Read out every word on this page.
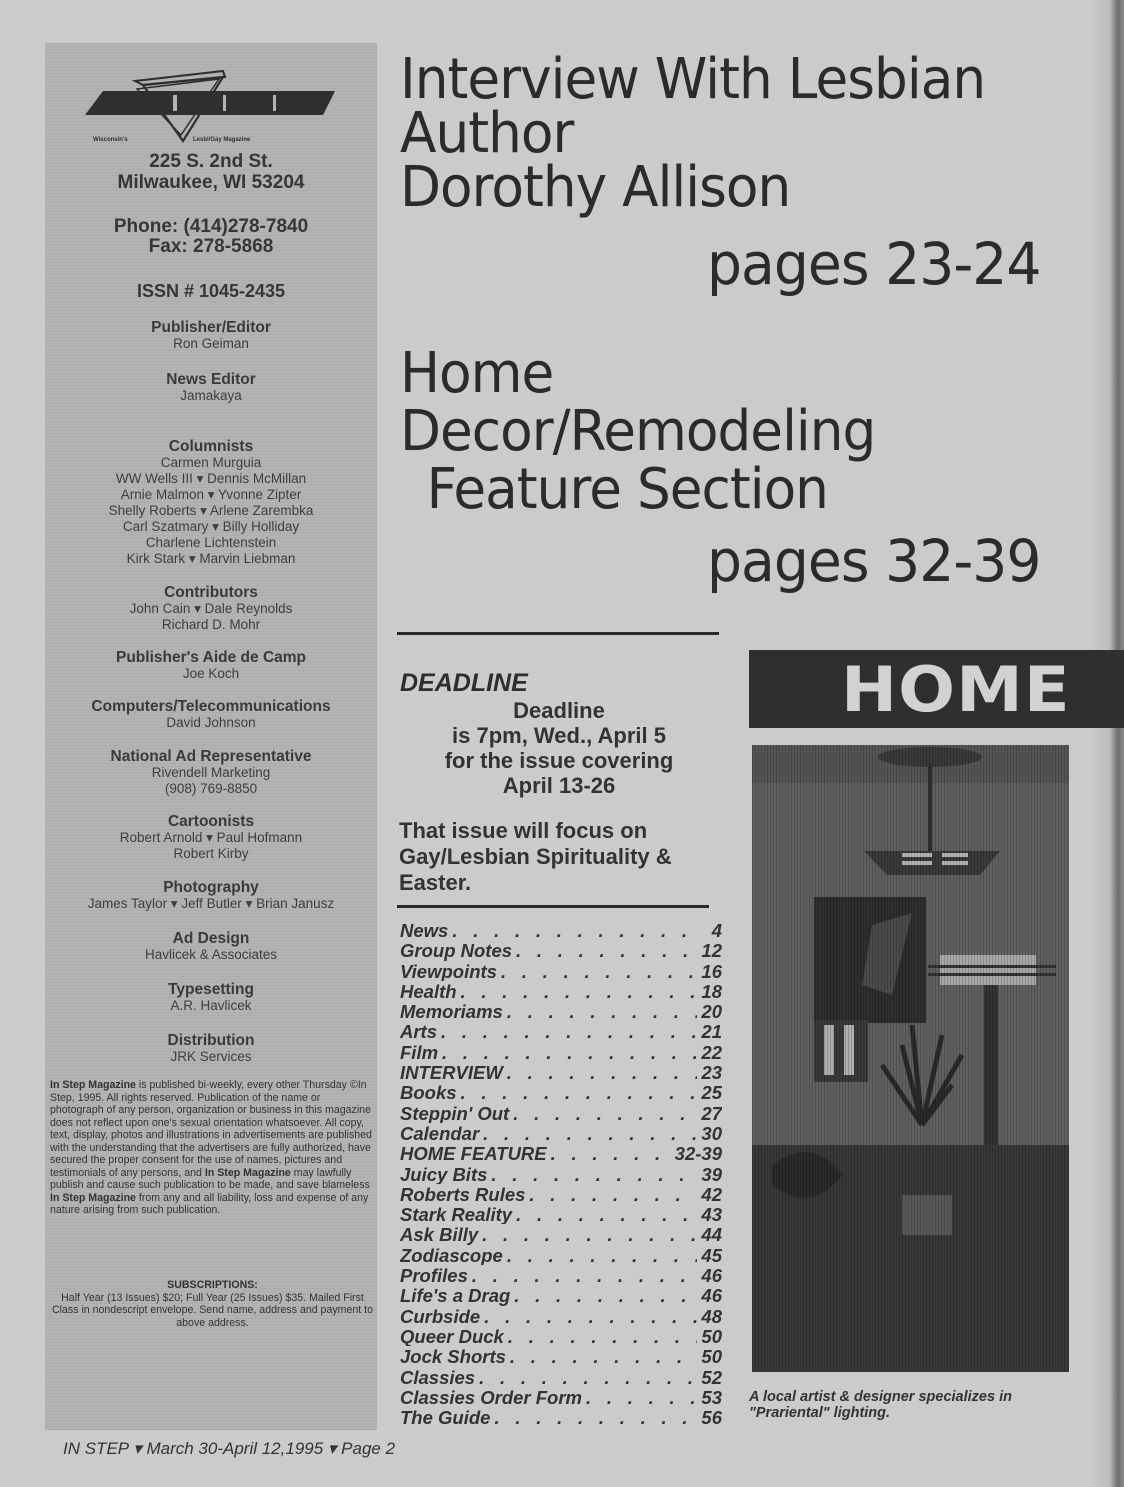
Wisconsin's	Lesbi/Gay Magazine
225 S. 2nd St.
Milwaukee, WI 53204
Phone: (414)278-7840
Fax: 278-5868
ISSN # 1045-2435
Publisher/Editor
Ron Geiman
News Editor
Jamakaya
Columnists
Carmen Murguia
WW Wells III ▾ Dennis McMillan
Arnie Malmon ▾ Yvonne Zipter
Shelly Roberts ▾ Arlene Zarembka
Carl Szatmary ▾ Billy Holliday
Charlene Lichtenstein
Kirk Stark ▾ Marvin Liebman
Contributors
John Cain ▾ Dale Reynolds
Richard D. Mohr
Publisher's Aide de Camp
Joe Koch
Computers/Telecommunications
David Johnson
National Ad Representative
Rivendell Marketing
(908) 769-8850
Cartoonists
Robert Arnold ▾ Paul Hofmann
Robert Kirby
Photography
James Taylor ▾ Jeff Butler ▾ Brian Janusz
Ad Design
Havlicek & Associates
Typesetting
A.R. Havlicek
Distribution
JRK Services
In Step Magazine is published bi-weekly, every other Thursday ©In Step, 1995. All rights reserved. Publication of the name or photograph of any person, organization or business in this magazine does not reflect upon one's sexual orientation whatsoever. All copy, text, display, photos and illustrations in advertisements are published with the understanding that the advertisers are fully authorized, have secured the proper consent for the use of names, pictures and testimonials of any persons, and In Step Magazine may lawfully publish and cause such publication to be made, and save blameless In Step Magazine from any and all liability, loss and expense of any nature arising from such publication.
SUBSCRIPTIONS:
Half Year (13 Issues) $20; Full Year (25 Issues) $35. Mailed First Class in nondescript envelope. Send name, address and payment to above address.
Interview With Lesbian
Author
Dorothy Allison
pages 23-24
Home
Decor/Remodeling
Feature Section
pages 32-39
DEADLINE
Deadline
is 7pm, Wed., April 5
for the issue covering
April 13-26
That issue will focus on Gay/Lesbian Spirituality & Easter.
News . . .	4
Group Notes . . .	12
Viewpoints . . .	16
Health . . .	18
Memoriams . . .	20
Arts . . .	21
Film . . .	22
INTERVIEW . . .	23
Books . . .	25
Steppin' Out . . .	27
Calendar . . .	30
HOME FEATURE . . .	32-39
Juicy Bits . . .	39
Roberts Rules . . .	42
Stark Reality . . .	43
Ask Billy . . .	44
Zodiascope . . .	45
Profiles . . .	46
Life's a Drag . . .	46
Curbside . . .	48
Queer Duck . . .	50
Jock Shorts . . .	50
Classies . . .	52
Classies Order Form . . .	53
The Guide . . .	56
HOME
A local artist & designer specializes in "Prariental" lighting.
IN STEP ▾ March 30-April 12,1995 ▾ Page 2
